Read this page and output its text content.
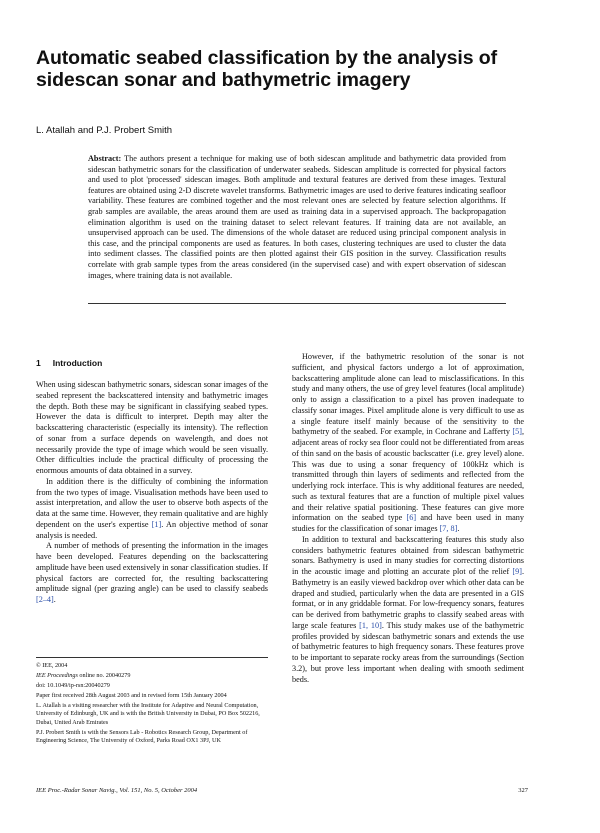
Automatic seabed classification by the analysis of sidescan sonar and bathymetric imagery

L. Atallah and P.J. Probert Smith

Abstract: The authors present a technique for making use of both sidescan amplitude and bathymetric data provided from sidescan bathymetric sonars for the classification of underwater seabeds. Sidescan amplitude is corrected for physical factors and used to plot 'processed' sidescan images. Both amplitude and textural features are derived from these images. Textural features are obtained using 2-D discrete wavelet transforms. Bathymetric images are used to derive features indicating seafloor variability. These features are combined together and the most relevant ones are selected by feature selection algorithms. If grab samples are available, the areas around them are used as training data in a supervised approach. The backpropagation elimination algorithm is used on the training dataset to select relevant features. If training data are not available, an unsupervised approach can be used. The dimensions of the whole dataset are reduced using principal component analysis in this case, and the principal components are used as features. In both cases, clustering techniques are used to cluster the data into sediment classes. The classified points are then plotted against their GIS position in the survey. Classification results correlate with grab sample types from the areas considered (in the supervised case) and with expert observation of sidescan images, where training data is not available.

1 Introduction

When using sidescan bathymetric sonars, sidescan sonar images of the seabed represent the backscattered intensity and bathymetric images the depth. Both these may be significant in classifying seabed types. However the data is difficult to interpret. Depth may alter the backscattering characteristic (especially its intensity). The reflection of sonar from a surface depends on wavelength, and does not necessarily provide the type of image which would be seen visually. Other difficulties include the practical difficulty of processing the enormous amounts of data obtained in a survey.

In addition there is the difficulty of combining the information from the two types of image. Visualisation methods have been used to assist interpretation, and allow the user to observe both aspects of the data at the same time. However, they remain qualitative and are highly dependent on the user's expertise [1]. An objective method of sonar analysis is needed.

A number of methods of presenting the information in the images have been developed. Features depending on the backscattering amplitude have been used extensively in sonar classification studies. If physical factors are corrected for, the resulting backscattering amplitude signal (per grazing angle) can be used to classify seabeds [2–4].

© IEE, 2004

IEE Proceedings online no. 20040279

doi: 10.1049/ip-rsn:20040279

Paper first received 28th August 2003 and in revised form 15th January 2004

L. Atallah is a visiting researcher with the Institute for Adaptive and Neural Computation, University of Edinburgh, UK and is with the British University in Dubai, PO Box 502216, Dubai, United Arab Emirates

P.J. Probert Smith is with the Sensors Lab - Robotics Research Group, Department of Engineering Science, The University of Oxford, Parks Road OX1 3PJ, UK

However, if the bathymetric resolution of the sonar is not sufficient, and physical factors undergo a lot of approximation, backscattering amplitude alone can lead to misclassifications. In this study and many others, the use of grey level features (local amplitude) only to assign a classification to a pixel has proven inadequate to classify sonar images. Pixel amplitude alone is very difficult to use as a single feature itself mainly because of the sensitivity to the bathymetry of the seabed. For example, in Cochrane and Lafferty [5], adjacent areas of rocky sea floor could not be differentiated from areas of thin sand on the basis of acoustic backscatter (i.e. grey level) alone. This was due to using a sonar frequency of 100kHz which is transmitted through thin layers of sediments and reflected from the underlying rock interface. This is why additional features are needed, such as textural features that are a function of multiple pixel values and their relative spatial positioning. These features can give more information on the seabed type [6] and have been used in many studies for the classification of sonar images [7, 8].

In addition to textural and backscattering features this study also considers bathymetric features obtained from sidescan bathymetric sonars. Bathymetry is used in many studies for correcting distortions in the acoustic image and plotting an accurate plot of the relief [9]. Bathymetry is an easily viewed backdrop over which other data can be draped and studied, particularly when the data are presented in a GIS format, or in any griddable format. For low-frequency sonars, features can be derived from bathymetric graphs to classify seabed areas with large scale features [1, 10]. This study makes use of the bathymetric profiles provided by sidescan bathymetric sonars and extends the use of bathymetric features to high frequency sonars. These features prove to be important to separate rocky areas from the surroundings (Section 3.2), but prove less important when dealing with smooth sediment beds.

IEE Proc.-Radar Sonar Navig., Vol. 151, No. 5, October 2004	327
